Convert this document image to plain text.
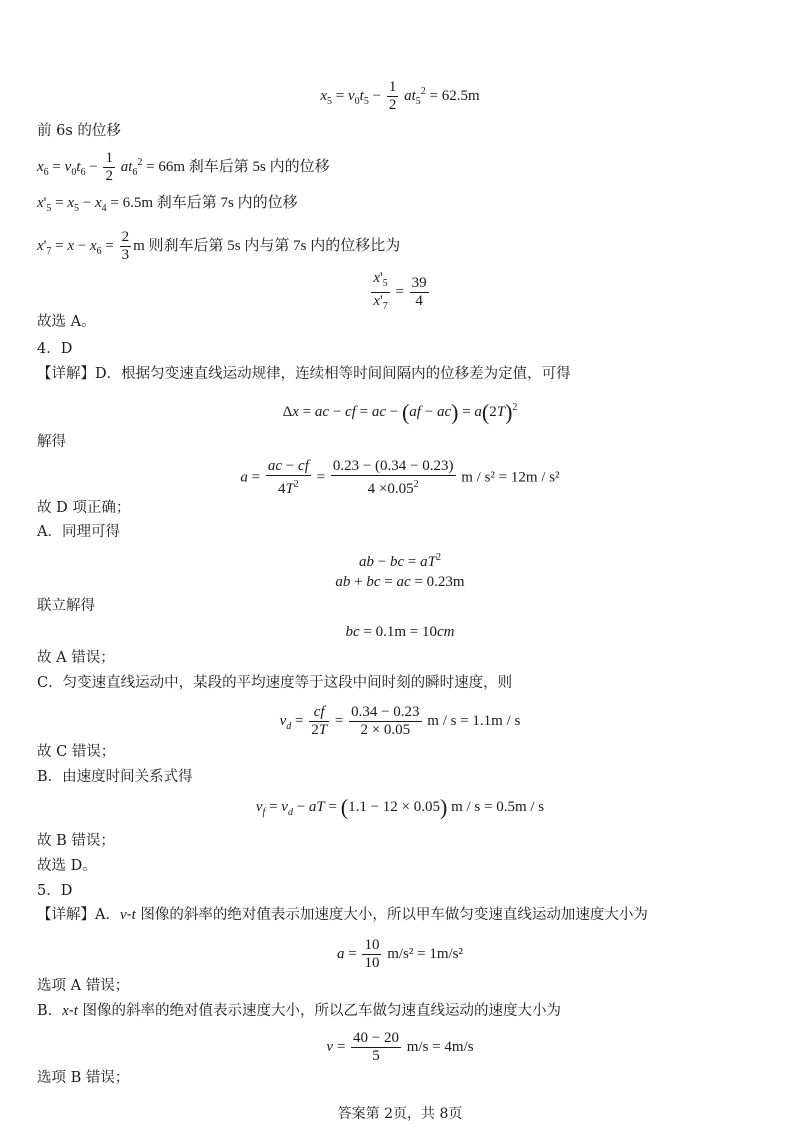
$x_5 = v_0t_5 - \frac{1}{2} at_5^2 = 62.5m$
前 6s 的位移
$x_6 = v_0t_6 - \frac{1}{2} at_6^2 = 66m$ 刹车后第 5s 内的位移
$x'_5 = x_5 - x_4 = 6.5m$ 刹车后第 7s 内的位移
$x'_7 = x - x_6 = \frac{2}{3}$ m 则刹车后第 5s 内与第 7s 内的位移比为
$\frac{x'_5}{x'_7} = \frac{39}{4}$
故选 A。
4．D
【详解】D．根据匀变速直线运动规律，连续相等时间间隔内的位移差为定值，可得
Δx = ac − cf = ac − $(af - ac) = a(2T)^2$
解得
$a = \frac{ac - cf}{4T^2} = \frac{0.23 - (0.34 - 0.23)}{4 \times 0.05^2}$ m / s² = 12m / s²
故 D 项正确；
A．同理可得
ab − bc = $aT^2$
ab + bc = ac = 0.23m
联立解得
bc = 0.1m = 10cm
故 A 错误；
C．匀变速直线运动中，某段的平均速度等于这段中间时刻的瞬时速度，则
$v_d = \frac{cf}{2T} = \frac{0.34 - 0.23}{2 \times 0.05}$ m / s = 1.1m / s
故 C 错误；
B．由速度时间关系式得
$v_f = v_d$ − aT = (1.1 − 12 × 0.05) m / s = 0.5m / s
故 B 错误；
故选 D。
5．D
【详解】A．v-t 图像的斜率的绝对值表示加速度大小，所以甲车做匀变速直线运动加速度大小为
$a = \frac{10}{10} m/s^2 = 1m/s^2$
选项 A 错误；
B．x-t 图像的斜率的绝对值表示速度大小，所以乙车做匀速直线运动的速度大小为
$v = \frac{40 - 20}{5} m/s = 4m/s$
选项 B 错误；
答案第 2页，共 8页
